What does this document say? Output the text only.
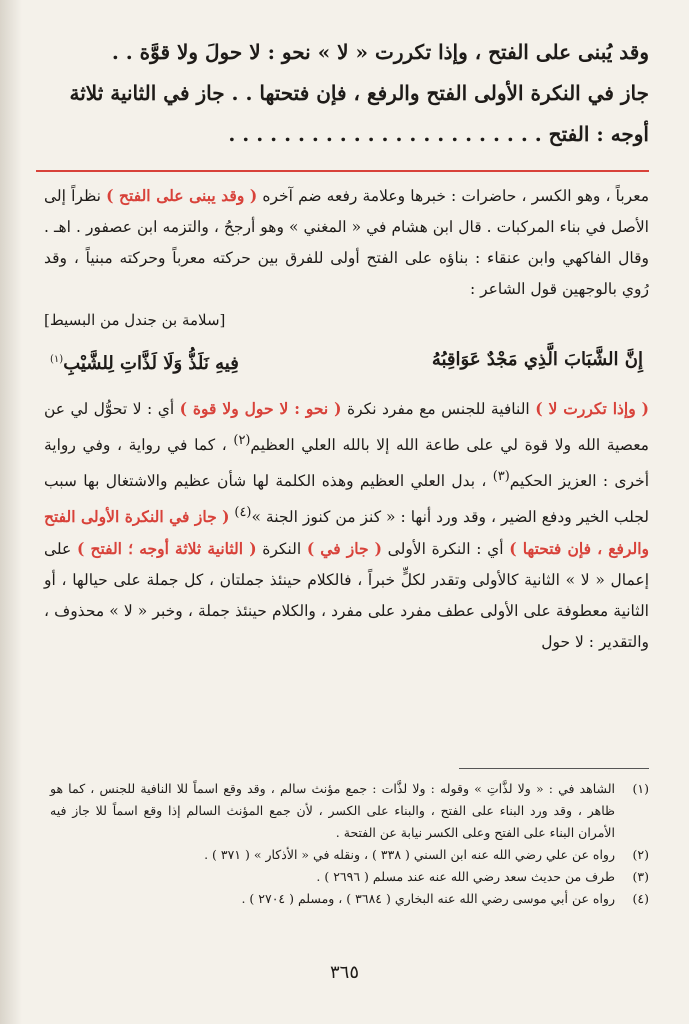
وقد يُبنى على الفتح ، وإذا تكررت « لا » نحو : لا حولَ ولا قوَّة . .

جاز في النكرة الأولى الفتح والرفع ، فإن فتحتها . . جاز في الثانية ثلاثة

أوجه : الفتح . . . . . . . . . . . . . . . . . . . . . . .

معرباً ، وهو الكسر ، حاضرات : خبرها وعلامة رفعه ضم آخره ( وقد يبنى على الفتح ) نظراً إلى الأصل في بناء المركبات . قال ابن هشام في « المغني » وهو أرجحُ ، والتزمه ابن عصفور . اهـ . وقال الفاكهي وابن عنقاء : بناؤه على الفتح أولى للفرق بين حركته معرباً وحركته مبنياً ، وقد رُوي بالوجهين قول الشاعر :

[سلامة بن جندل من البسيط]
إِنَّ الشَّبَابَ الَّذِي مَجْدٌ عَوَاقِبُهُ
فِيهِ نَلَذُّ وَلَا لَذَّاتِ لِلشَّيْبِ$^{(١)}$

( وإذا تكررت لا ) النافية للجنس مع مفرد نكرة ( نحو : لا حول ولا قوة ) أي : لا تحوُّل لي عن معصية الله ولا قوة لي على طاعة الله إلا بالله العلي العظيم$^{(٢)}$ ، كما في رواية ، وفي رواية أخرى : العزيز الحكيم$^{(٣)}$ ، بدل العلي العظيم وهذه الكلمة لها شأن عظيم والاشتغال بها سبب لجلب الخير ودفع الضير ، وقد ورد أنها : « كنز من كنوز الجنة »$^{(٤)}$ ( جاز في النكرة الأولى الفتح والرفع ، فإن فتحتها ) أي : النكرة الأولى ( جاز في ) النكرة ( الثانية ثلاثة أوجه ؛ الفتح ) على إعمال « لا » الثانية كالأولى وتقدر لكلٍّ خبراً ، فالكلام حينئذ جملتان ، كل جملة على حيالها ، أو الثانية معطوفة على الأولى عطف مفرد على مفرد ، والكلام حينئذ جملة ، وخبر « لا » محذوف ، والتقدير : لا حول

(١)
الشاهد في : « ولا لذَّاتِ » وقوله : ولا لذَّات : جمع مؤنث سالم ، وقد وقع اسماً للا النافية للجنس ، كما هو ظاهر ، وقد ورد البناء على الفتح ، والبناء على الكسر ، لأن جمع المؤنث السالم إذا وقع اسماً للا جاز فيه الأمران البناء على الفتح وعلى الكسر نيابة عن الفتحة .
(٢)
رواه عن علي رضي الله عنه ابن السني ( ٣٣٨ ) ، ونقله في « الأذكار » ( ٣٧١ ) .
(٣)
طرف من حديث سعد رضي الله عنه عند مسلم ( ٢٦٩٦ ) .
(٤)
رواه عن أبي موسى رضي الله عنه البخاري ( ٣٦٨٤ ) ، ومسلم ( ٢٧٠٤ ) .
٣٦٥
